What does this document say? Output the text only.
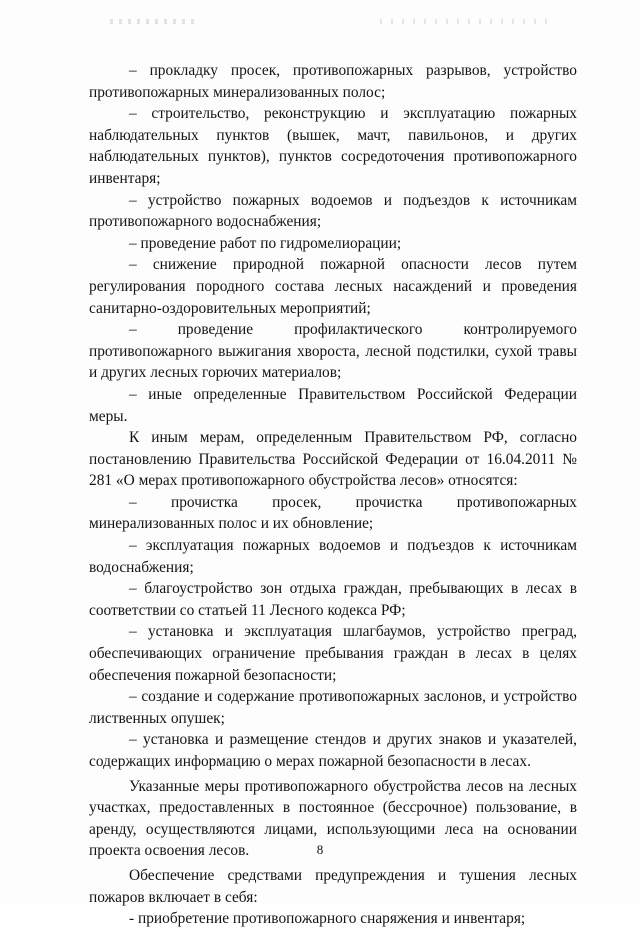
– прокладку просек, противопожарных разрывов, устройство противопожарных минерализованных полос;

– строительство, реконструкцию и эксплуатацию пожарных наблюдательных пунктов (вышек, мачт, павильонов, и других наблюдательных пунктов), пунктов сосредоточения противопожарного инвентаря;

– устройство пожарных водоемов и подъездов к источникам противопожарного водоснабжения;

– проведение работ по гидромелиорации;

– снижение природной пожарной опасности лесов путем регулирования породного состава лесных насаждений и проведения санитарно-оздоровительных мероприятий;

– проведение профилактического контролируемого противопожарного выжигания хвороста, лесной подстилки, сухой травы и других лесных горючих материалов;

– иные определенные Правительством Российской Федерации меры.

К иным мерам, определенным Правительством РФ, согласно постановлению Правительства Российской Федерации от 16.04.2011 № 281 «О мерах противопожарного обустройства лесов» относятся:

– прочистка просек, прочистка противопожарных минерализованных полос и их обновление;

– эксплуатация пожарных водоемов и подъездов к источникам водоснабжения;

– благоустройство зон отдыха граждан, пребывающих в лесах в соответствии со статьей 11 Лесного кодекса РФ;

– установка и эксплуатация шлагбаумов, устройство преград, обеспечивающих ограничение пребывания граждан в лесах в целях обеспечения пожарной безопасности;

– создание и содержание противопожарных заслонов, и устройство лиственных опушек;

– установка и размещение стендов и других знаков и указателей, содержащих информацию о мерах пожарной безопасности в лесах.

Указанные меры противопожарного обустройства лесов на лесных участках, предоставленных в постоянное (бессрочное) пользование, в аренду, осуществляются лицами, использующими леса на основании проекта освоения лесов.

Обеспечение средствами предупреждения и тушения лесных пожаров включает в себя:

- приобретение противопожарного снаряжения и инвентаря;

8
